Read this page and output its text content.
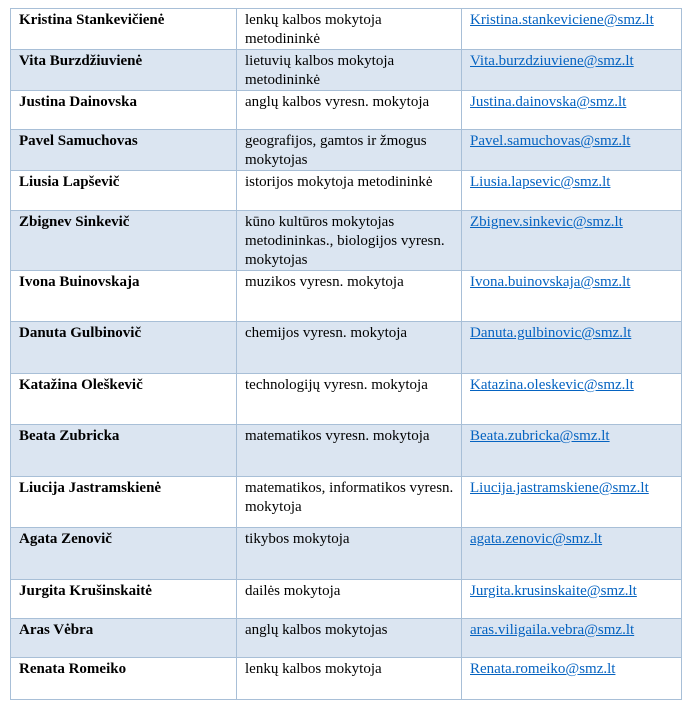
Kristina Stankevičienė	lenkų kalbos mokytoja metodininkė	Kristina.stankeviciene@smz.lt
Vita Burzdžiuvienė	lietuvių kalbos mokytoja metodininkė	Vita.burzdziuviene@smz.lt
Justina Dainovska	anglų kalbos vyresn. mokytoja	Justina.dainovska@smz.lt
Pavel Samuchovas	geografijos, gamtos ir žmogus mokytojas	Pavel.samuchovas@smz.lt
Liusia Lapševič	istorijos mokytoja metodininkė	Liusia.lapsevic@smz.lt
Zbignev Sinkevič	kūno kultūros mokytojas metodininkas., biologijos vyresn. mokytojas	Zbignev.sinkevic@smz.lt
Ivona Buinovskaja	muzikos vyresn. mokytoja	Ivona.buinovskaja@smz.lt
Danuta Gulbinovič	chemijos vyresn. mokytoja	Danuta.gulbinovic@smz.lt
Katažina Oleškevič	technologijų vyresn. mokytoja	Katazina.oleskevic@smz.lt
Beata Zubricka	matematikos vyresn. mokytoja	Beata.zubricka@smz.lt
Liucija Jastramskienė	matematikos, informatikos vyresn. mokytoja	Liucija.jastramskiene@smz.lt
Agata Zenovič	tikybos mokytoja	agata.zenovic@smz.lt
Jurgita Krušinskaitė	dailės mokytoja	Jurgita.krusinskaite@smz.lt
Aras Vėbra	anglų kalbos mokytojas	aras.viligaila.vebra@smz.lt
Renata Romeiko	lenkų kalbos mokytoja	Renata.romeiko@smz.lt
